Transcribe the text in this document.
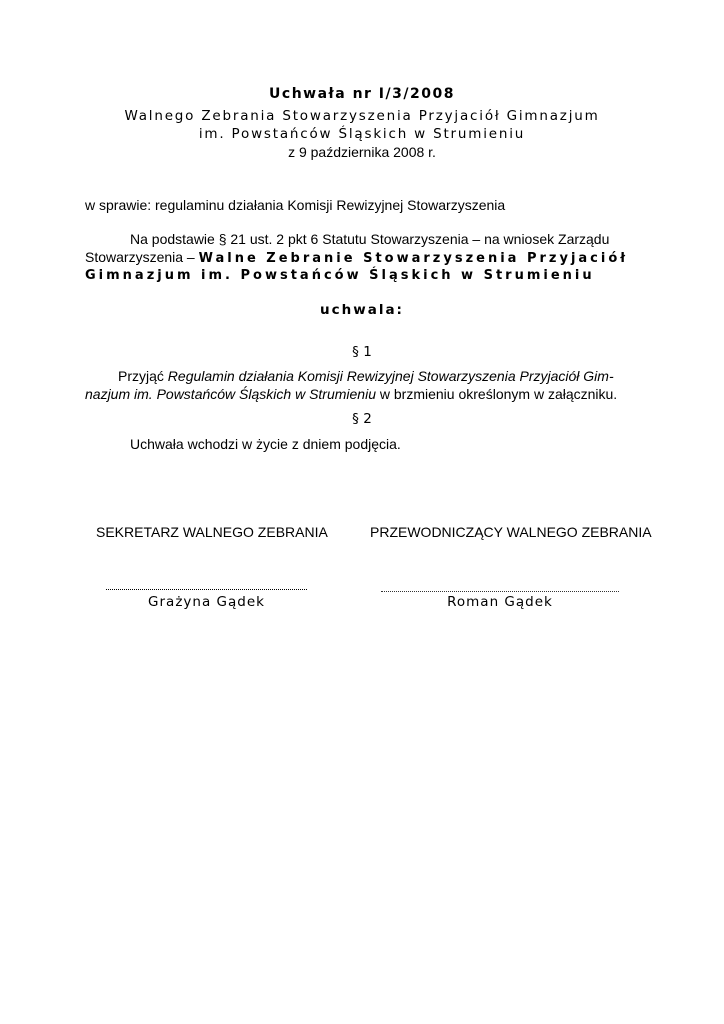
Uchwała nr I/3/2008
Walnego Zebrania Stowarzyszenia Przyjaciół Gimnazjum
im. Powstańców Śląskich w Strumieniu
z 9 października 2008 r.
w sprawie: regulaminu działania Komisji Rewizyjnej Stowarzyszenia
Na podstawie § 21 ust. 2 pkt 6 Statutu Stowarzyszenia – na wniosek Zarządu
Stowarzyszenia – Walne Zebranie Stowarzyszenia Przyjaciół
Gimnazjum im. Powstańców Śląskich w Strumieniu
uchwala:
§ 1
Przyjąć Regulamin działania Komisji Rewizyjnej Stowarzyszenia Przyjaciół Gim-
nazjum im. Powstańców Śląskich w Strumieniu w brzmieniu określonym w załączniku.
§ 2
Uchwała wchodzi w życie z dniem podjęcia.
SEKRETARZ WALNEGO ZEBRANIA	PRZEWODNICZĄCY WALNEGO ZEBRANIA
Grażyna Gądek	Roman Gądek
